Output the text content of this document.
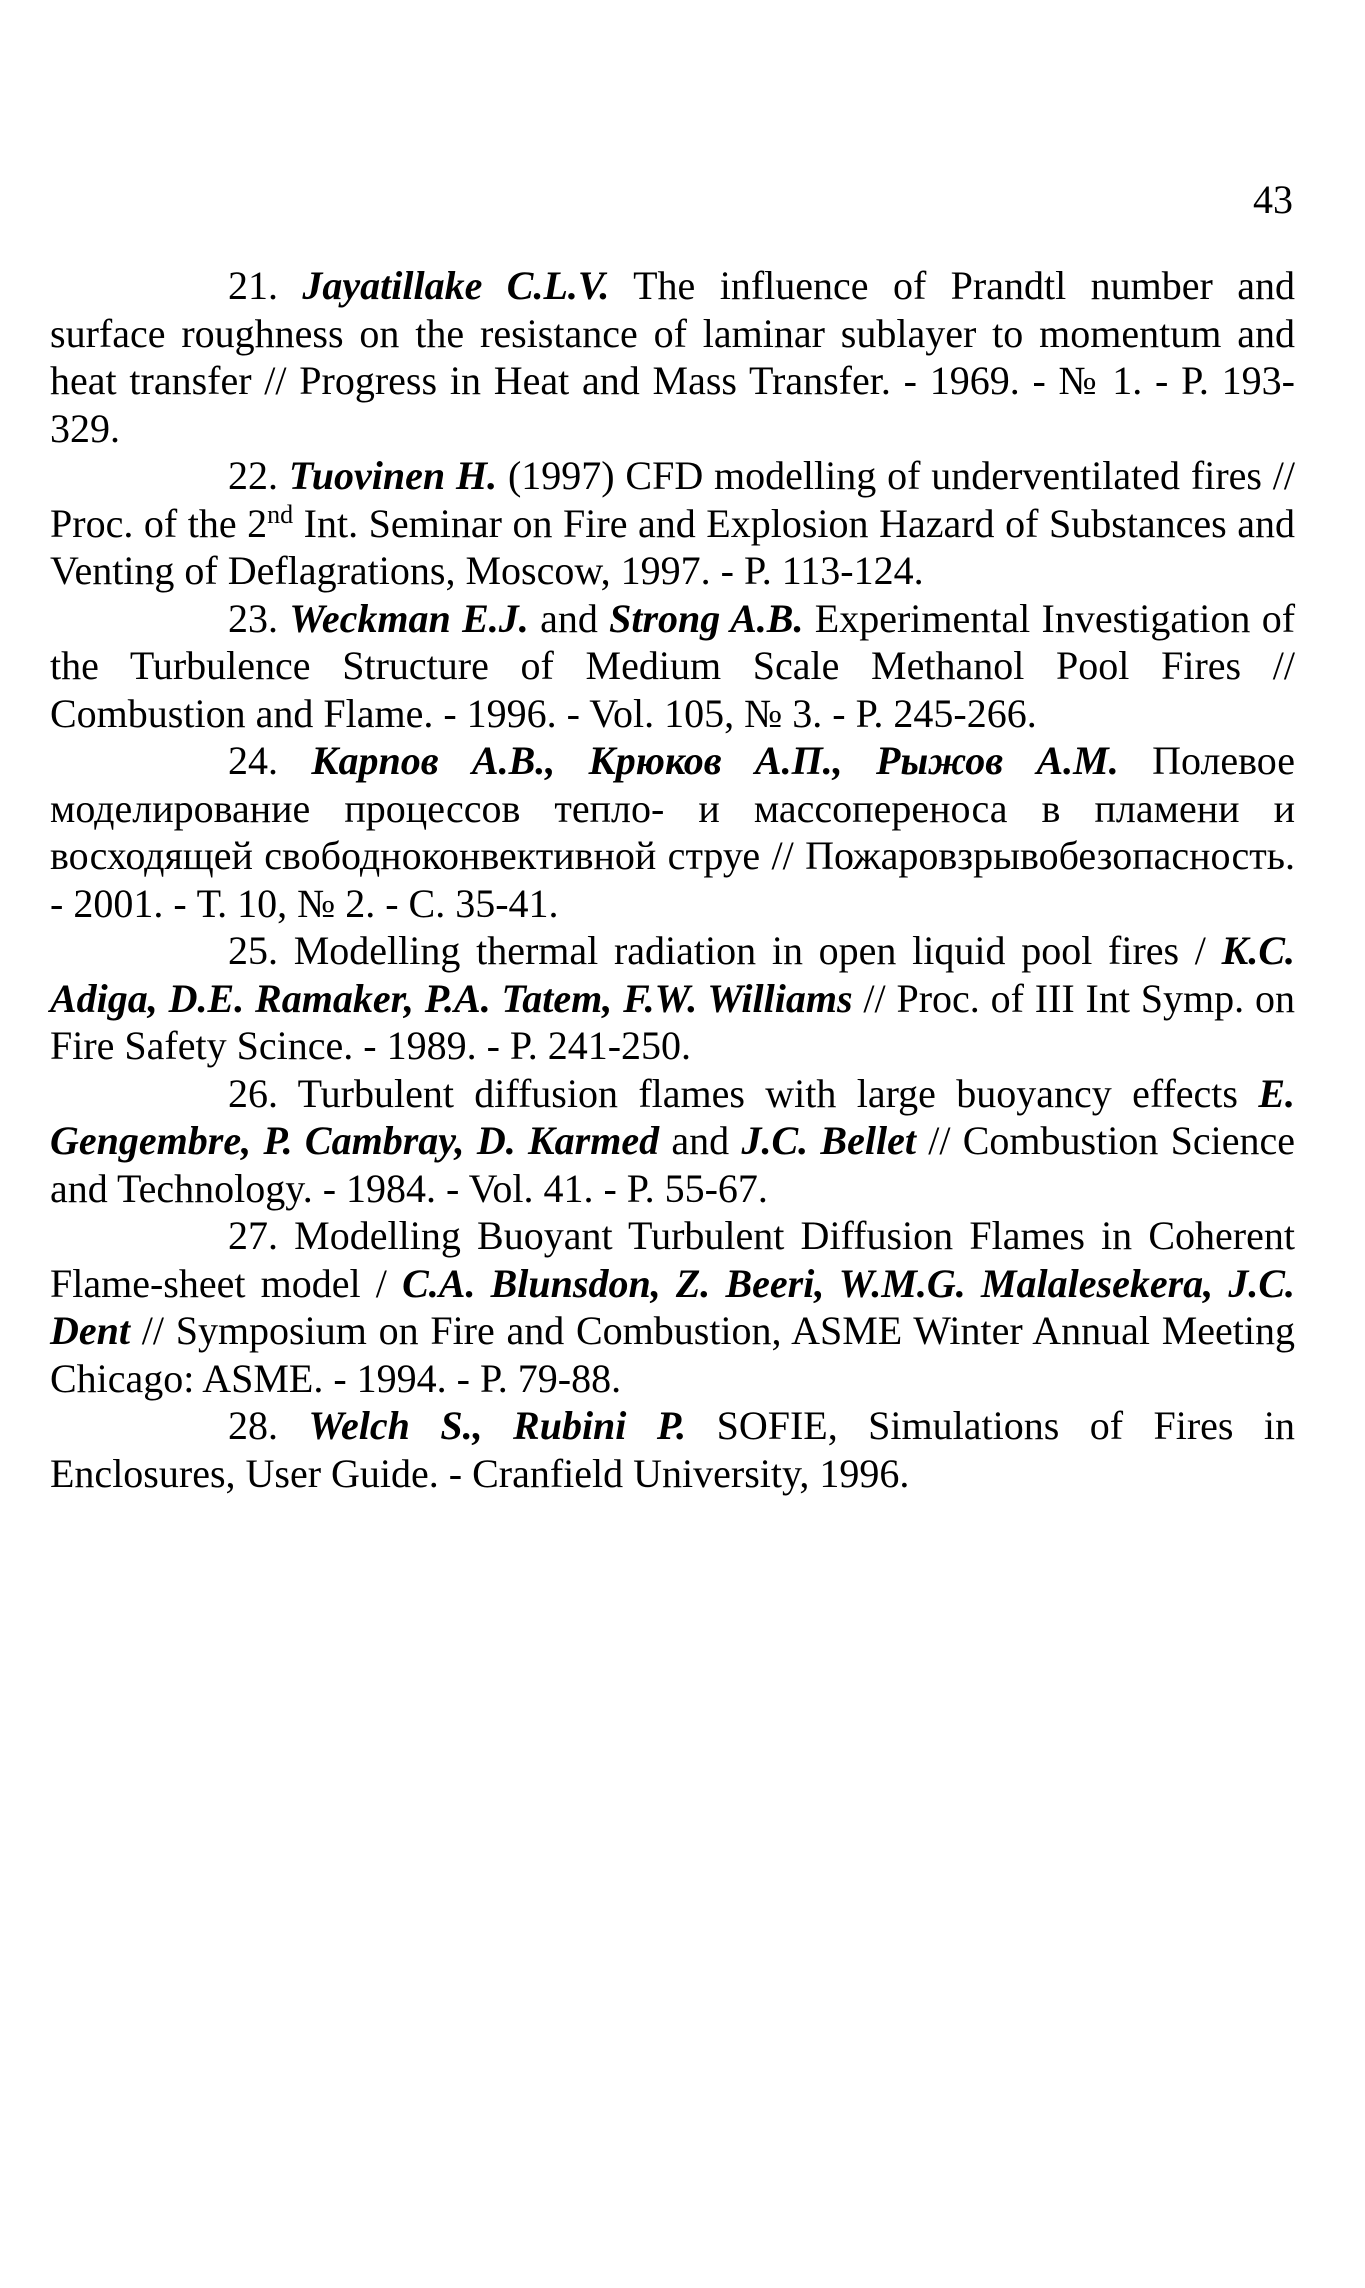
43

21. Jayatillake C.L.V. The influence of Prandtl number and surface roughness on the resistance of laminar sublayer to momentum and heat transfer // Progress in Heat and Mass Transfer. - 1969. - № 1. - P. 193-329.

22. Tuovinen H. (1997) CFD modelling of underventilated fires // Proc. of the 2nd Int. Seminar on Fire and Explosion Hazard of Substances and Venting of Deflagrations, Moscow, 1997. - P. 113-124.

23. Weckman E.J. and Strong A.B. Experimental Investigation of the Turbulence Structure of Medium Scale Methanol Pool Fires // Combustion and Flame. - 1996. - Vol. 105, № 3. - P. 245-266.

24. Карпов А.В., Крюков А.П., Рыжов А.М. Полевое моделирование процессов тепло- и массопереноса в пламени и восходящей свободноконвективной струе // Пожаровзрывобезопасность. - 2001. - Т. 10, № 2. - С. 35-41.

25. Modelling thermal radiation in open liquid pool fires / K.C. Adiga, D.E. Ramaker, P.A. Tatem, F.W. Williams // Proc. of III Int Symp. on Fire Safety Scince. - 1989. - P. 241-250.

26. Turbulent diffusion flames with large buoyancy effects E. Gengembre, P. Cambray, D. Karmed and J.C. Bellet // Combustion Science and Technology. - 1984. - Vol. 41. - P. 55-67.

27. Modelling Buoyant Turbulent Diffusion Flames in Coherent Flame-sheet model / C.A. Blunsdon, Z. Beeri, W.M.G. Malalesekera, J.C. Dent // Symposium on Fire and Combustion, ASME Winter Annual Meeting Chicago: ASME. - 1994. - P. 79-88.

28. Welch S., Rubini P. SOFIE, Simulations of Fires in Enclosures, User Guide. - Cranfield University, 1996.
